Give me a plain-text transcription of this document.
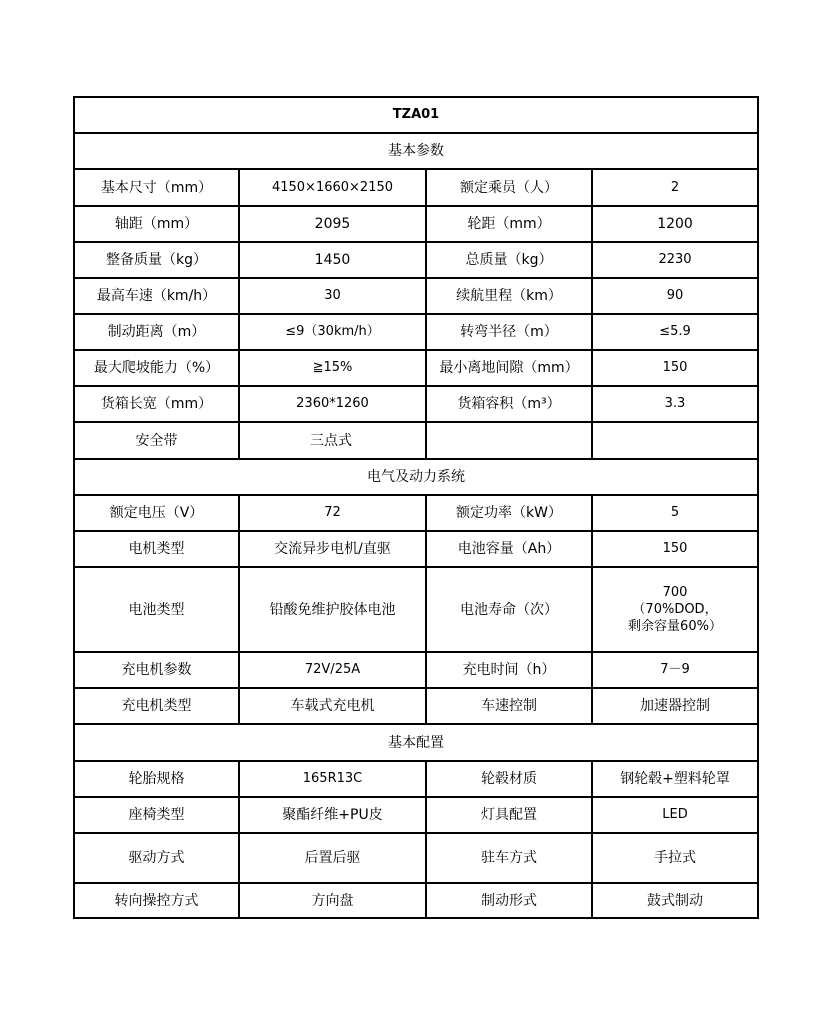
TZA01			
基本参数			
基本尺寸（mm）	4150×1660×2150	额定乘员（人）	2
轴距（mm）	2095	轮距（mm）	1200
整备质量（kg）	1450	总质量（kg）	2230
最高车速（km/h）	30	续航里程（km）	90
制动距离（m）	≤9（30km/h）	转弯半径（m）	≤5.9
最大爬坡能力（%）	≧15%	最小离地间隙（mm）	150
货箱长宽（mm）	2360*1260	货箱容积（m³）	3.3
安全带	三点式		
电气及动力系统			
额定电压（V）	72	额定功率（kW）	5
电机类型	交流异步电机/直驱	电池容量（Ah）	150
电池类型	铅酸免维护胶体电池	电池寿命（次）	700
（70%DOD，
剩余容量60%）
充电机参数	72V/25A	充电时间（h）	7－9
充电机类型	车载式充电机	车速控制	加速器控制
基本配置			
轮胎规格	165R13C	轮毂材质	钢轮毂+塑料轮罩
座椅类型	聚酯纤维+PU皮	灯具配置	LED
驱动方式	后置后驱	驻车方式	手拉式
转向操控方式	方向盘	制动形式	鼓式制动
